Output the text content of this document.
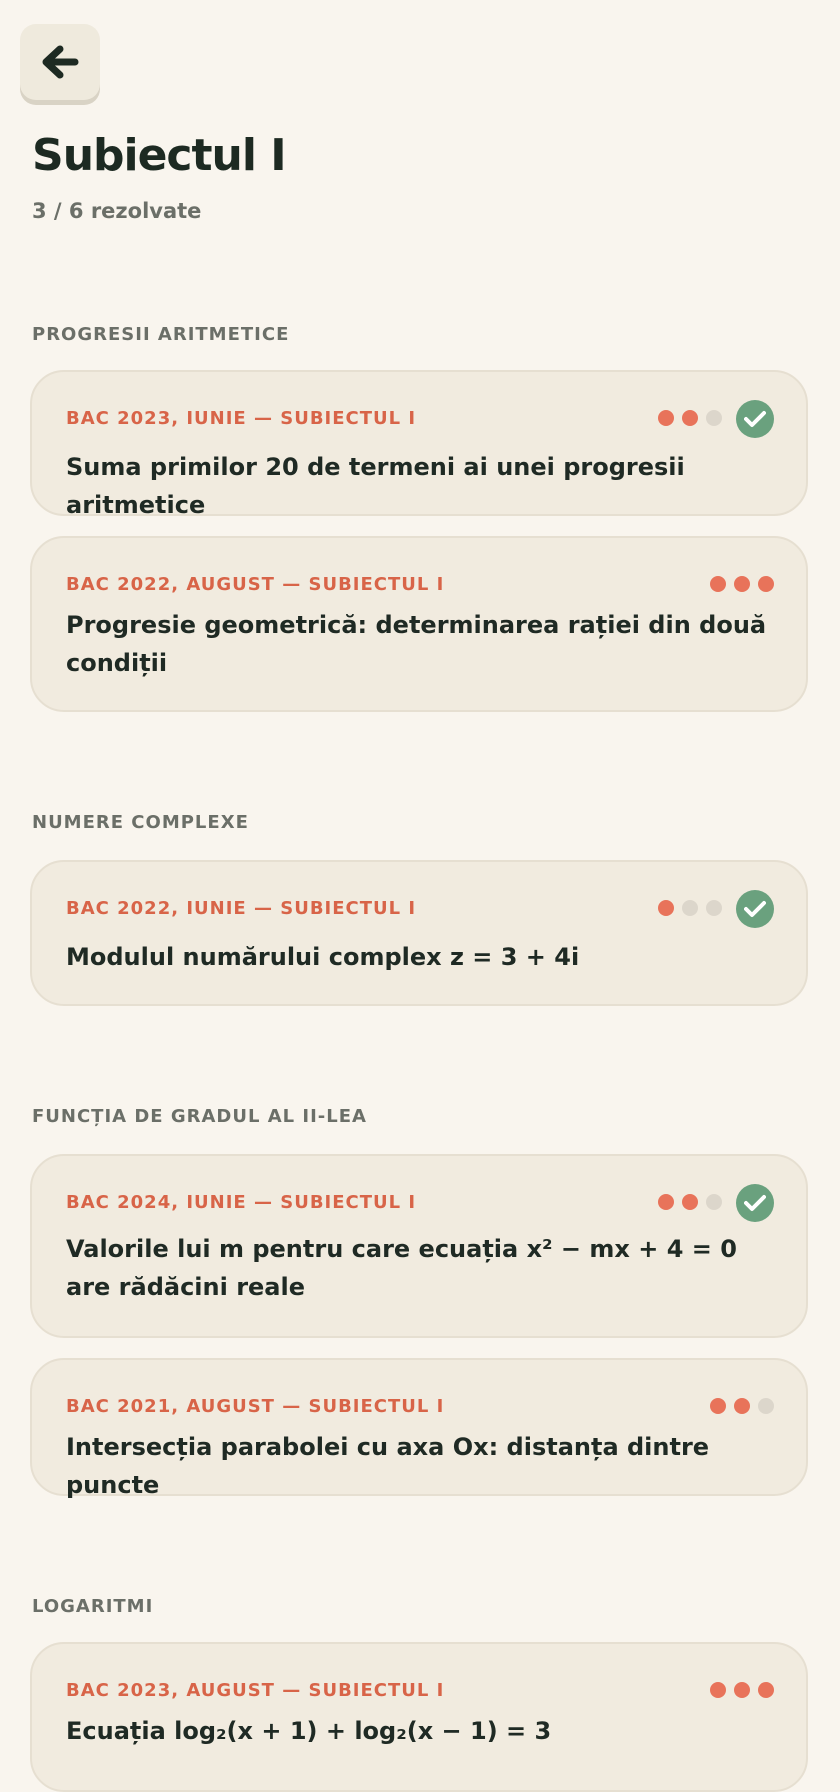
Subiectul I
3 / 6 rezolvate
PROGRESII ARITMETICE
BAC 2023, IUNIE — SUBIECTUL I
Suma primilor 20 de termeni ai unei progresii aritmetice
BAC 2022, AUGUST — SUBIECTUL I
Progresie geometrică: determinarea rației din două condiții
NUMERE COMPLEXE
BAC 2022, IUNIE — SUBIECTUL I
Modulul numărului complex z = 3 + 4i
FUNCȚIA DE GRADUL AL II-LEA
BAC 2024, IUNIE — SUBIECTUL I
Valorile lui m pentru care ecuația x² − mx + 4 = 0 are rădăcini reale
BAC 2021, AUGUST — SUBIECTUL I
Intersecția parabolei cu axa Ox: distanța dintre puncte
LOGARITMI
BAC 2023, AUGUST — SUBIECTUL I
Ecuația log₂(x + 1) + log₂(x − 1) = 3
